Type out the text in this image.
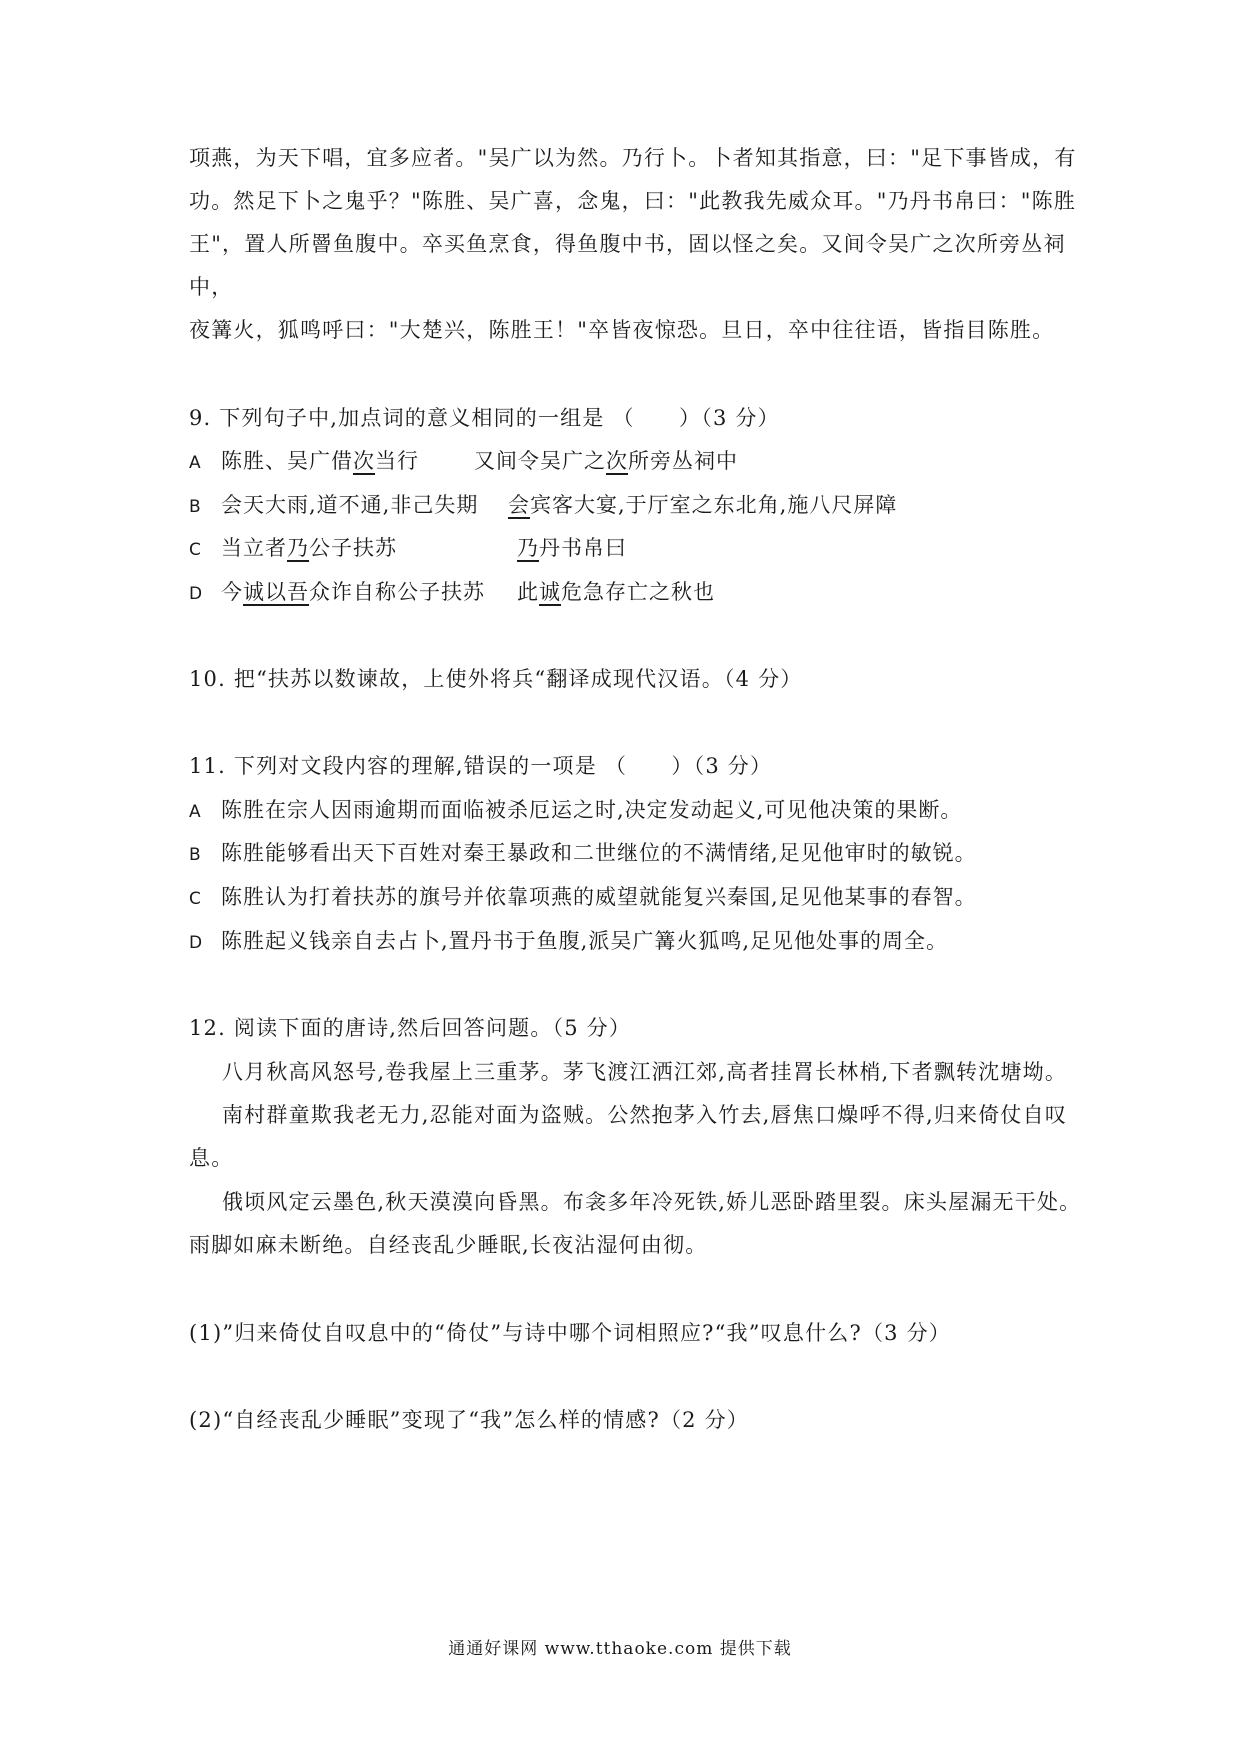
项燕，为天下唱，宜多应者。"吴广以为然。乃行卜。卜者知其指意，曰："足下事皆成，有
功。然足下卜之鬼乎？"陈胜、吴广喜，念鬼，曰："此教我先威众耳。"乃丹书帛曰："陈胜
王"，置人所罾鱼腹中。卒买鱼烹食，得鱼腹中书，固以怪之矣。又间令吴广之次所旁丛祠
中，
夜篝火，狐鸣呼曰："大楚兴，陈胜王！"卒皆夜惊恐。旦日，卒中往往语，皆指目陈胜。
9. 下列句子中,加点词的意义相同的一组是 （　　）（3 分）
A 陈胜、吴广借次当行	又间令吴广之次所旁丛祠中
B 会天大雨,道不通,非己失期 会宾客大宴,于厅室之东北角,施八尺屏障
C 当立者乃公子扶苏	乃丹书帛曰
D 今诚以吾众诈自称公子扶苏 此诚危急存亡之秋也
10. 把“扶苏以数谏故，上使外将兵“翻译成现代汉语。（4 分）
11. 下列对文段内容的理解,错误的一项是 （　　）（3 分）
A 陈胜在宗人因雨逾期而面临被杀厄运之时,决定发动起义,可见他决策的果断。
B 陈胜能够看出天下百姓对秦王暴政和二世继位的不满情绪,足见他审时的敏锐。
C 陈胜认为打着扶苏的旗号并依靠项燕的威望就能复兴秦国,足见他某事的春智。
D 陈胜起义钱亲自去占卜,置丹书于鱼腹,派吴广篝火狐鸣,足见他处事的周全。
12. 阅读下面的唐诗,然后回答问题。（5 分）
八月秋高风怒号,卷我屋上三重茅。茅飞渡江洒江郊,高者挂罥长林梢,下者飘转沈塘坳。
南村群童欺我老无力,忍能对面为盗贼。公然抱茅入竹去,唇焦口燥呼不得,归来倚仗自叹
息。
俄顷风定云墨色,秋天漠漠向昏黑。布衾多年冷死铁,娇儿恶卧踏里裂。床头屋漏无干处。
雨脚如麻未断绝。自经丧乱少睡眠,长夜沾湿何由彻。
(1)”归来倚仗自叹息中的“倚仗”与诗中哪个词相照应?“我”叹息什么?（3 分）
(2)“自经丧乱少睡眠”变现了“我”怎么样的情感?（2 分）
通通好课网 www.tthaoke.com 提供下载
